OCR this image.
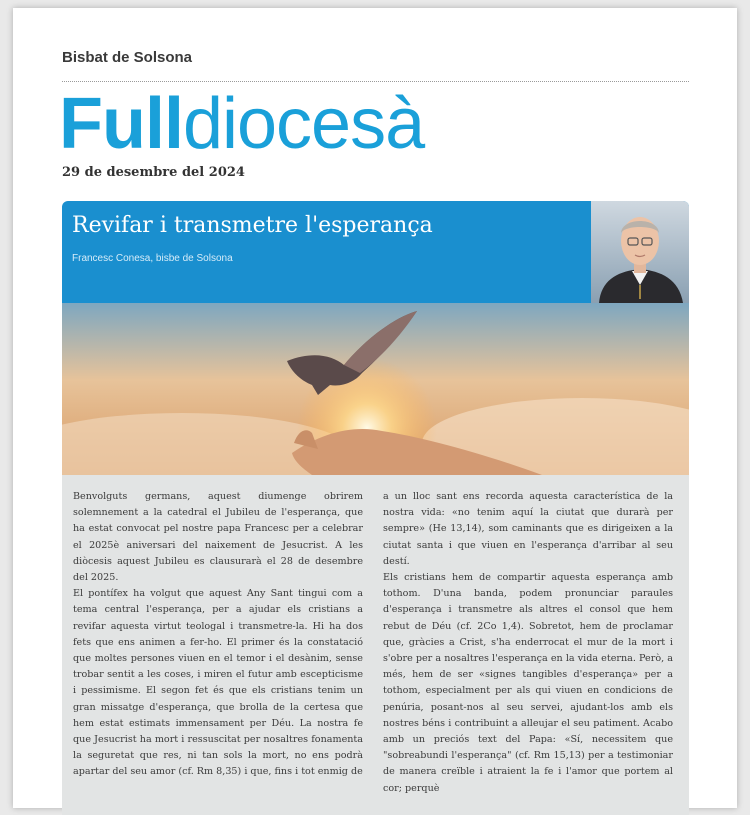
Bisbat de Solsona
Fulldiocesà
29 de desembre del 2024
Revifar i transmetre l'esperança
Francesc Conesa, bisbe de Solsona

Benvolguts germans, aquest diumenge obrirem solemnement a la catedral el Jubileu de l'esperança, que ha estat convocat pel nostre papa Francesc per a celebrar el 2025è aniversari del naixement de Jesucrist. A les diòcesis aquest Jubileu es clausurarà el 28 de desembre del 2025.

El pontífex ha volgut que aquest Any Sant tingui com a tema central l'esperança, per a ajudar els cristians a revifar aquesta virtut teologal i transmetre-la. Hi ha dos fets que ens animen a fer-ho. El primer és la constatació que moltes persones viuen en el temor i el desànim, sense trobar sentit a les coses, i miren el futur amb escepticisme i pessimisme. El segon fet és que els cristians tenim un gran missatge d'esperança, que brolla de la certesa que hem estat estimats immensament per Déu. La nostra fe que Jesucrist ha mort i ressuscitat per nosaltres fonamenta la seguretat que res, ni tan sols la mort, no ens podrà apartar del seu amor (cf. Rm 8,35) i que, fins i tot enmig de

a un lloc sant ens recorda aquesta característica de la nostra vida: «no tenim aquí la ciutat que durarà per sempre» (He 13,14), som caminants que es dirigeixen a la ciutat santa i que viuen en l'esperança d'arribar al seu destí.

Els cristians hem de compartir aquesta esperança amb tothom. D'una banda, podem pronunciar paraules d'esperança i transmetre als altres el consol que hem rebut de Déu (cf. 2Co 1,4). Sobretot, hem de proclamar que, gràcies a Crist, s'ha enderrocat el mur de la mort i s'obre per a nosaltres l'esperança en la vida eterna. Però, a més, hem de ser «signes tangibles d'esperança» per a tothom, especialment per als qui viuen en condicions de penúria, posant-nos al seu servei, ajudant-los amb els nostres béns i contribuint a alleujar el seu patiment. Acabo amb un preciós text del Papa: «Sí, necessitem que "sobreabundi l'esperança" (cf. Rm 15,13) per a testimoniar de manera creïble i atraient la fe i l'amor que portem al cor; perquè
